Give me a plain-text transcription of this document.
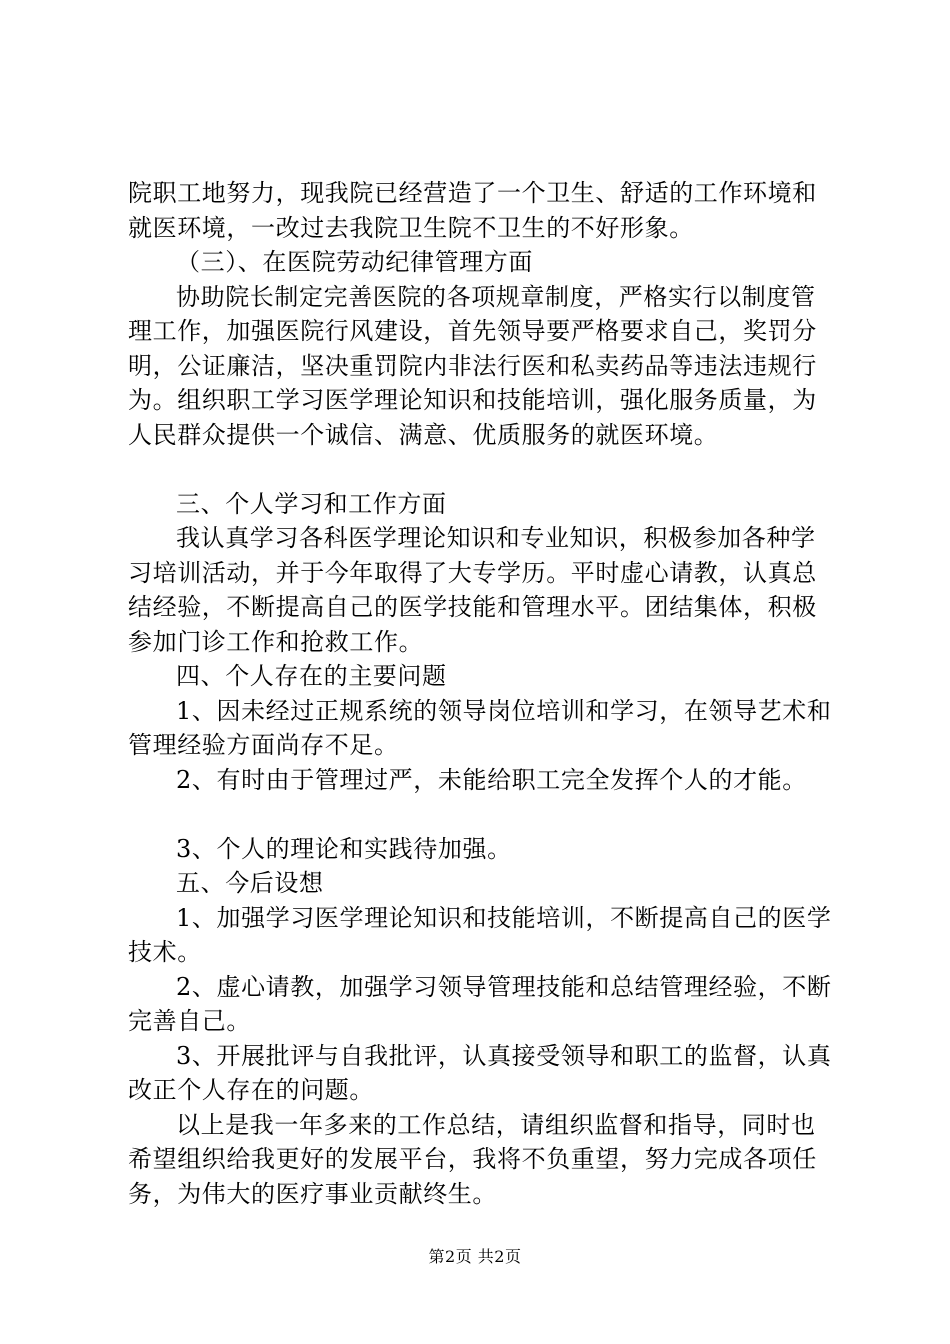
院职工地努力，现我院已经营造了一个卫生、舒适的工作环境和就医环境，一改过去我院卫生院不卫生的不好形象。

（三）、在医院劳动纪律管理方面

协助院长制定完善医院的各项规章制度，严格实行以制度管理工作，加强医院行风建设，首先领导要严格要求自己，奖罚分明，公证廉洁，坚决重罚院内非法行医和私卖药品等违法违规行为。组织职工学习医学理论知识和技能培训，强化服务质量，为人民群众提供一个诚信、满意、优质服务的就医环境。

三、个人学习和工作方面

我认真学习各科医学理论知识和专业知识，积极参加各种学习培训活动，并于今年取得了大专学历。平时虚心请教，认真总结经验，不断提高自己的医学技能和管理水平。团结集体，积极参加门诊工作和抢救工作。

四、个人存在的主要问题

1、因未经过正规系统的领导岗位培训和学习，在领导艺术和管理经验方面尚存不足。

2、有时由于管理过严，未能给职工完全发挥个人的才能。

3、个人的理论和实践待加强。

五、今后设想

1、加强学习医学理论知识和技能培训，不断提高自己的医学技术。

2、虚心请教，加强学习领导管理技能和总结管理经验，不断完善自己。

3、开展批评与自我批评，认真接受领导和职工的监督，认真改正个人存在的问题。

以上是我一年多来的工作总结，请组织监督和指导，同时也希望组织给我更好的发展平台，我将不负重望，努力完成各项任务，为伟大的医疗事业贡献终生。

第2页 共2页
